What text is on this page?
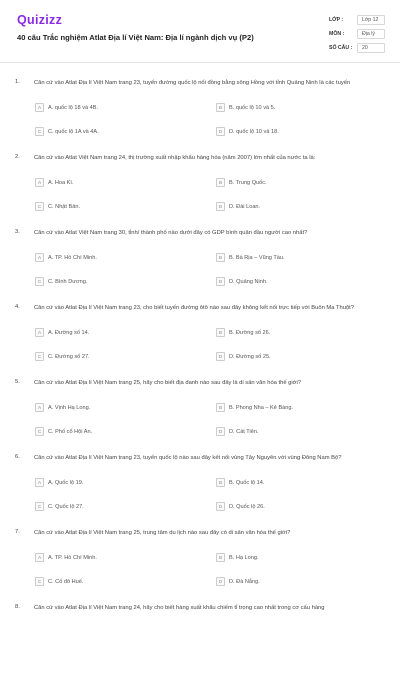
Quizizz
40 câu Trắc nghiệm Atlat Địa lí Việt Nam: Địa lí ngành dịch vụ (P2)
LỚP :	Lớp 12
MÔN :	Địa lý
SỐ CÂU :	20
1. Căn cứ vào Atlat Địa lí Việt Nam trang 23, tuyến đường quốc lộ nối đồng bằng sông Hồng với tỉnh Quảng Ninh là các tuyến
A	A. quốc lộ 18 và 4B.	B	B. quốc lộ 10 và 5.
C	C. quốc lộ 1A và 4A.	D	D. quốc lộ 10 và 18.
2. Căn cứ vào Atlat Việt Nam trang 24, thị trường xuất nhập khẩu hàng hóa (năm 2007) lớn nhất của nước ta là:
A	A. Hoa Kì.	B	B. Trung Quốc.
C	C. Nhật Bản.	D	D. Đài Loan.
3. Căn cứ vào Atlat Việt Nam trang 30, tỉnh/ thành phố nào dưới đây có GDP bình quân đầu người cao nhất?
A	A. TP. Hồ Chí Minh.	B	B. Bà Rịa – Vũng Tàu.
C	C. Bình Dương.	D	D. Quảng Ninh.
4. Căn cứ vào Atlat Địa lí Việt Nam trang 23, cho biết tuyến đường ôtô nào sau đây không kết nối trực tiếp với Buôn Ma Thuột?
A	A. Đường số 14.	B	B. Đường số 26.
C	C. Đường số 27.	D	D. Đường số 25.
5. Căn cứ vào Atlat Địa lí Việt Nam trang 25, hãy cho biết địa danh nào sau đây là di sản văn hóa thế giới?
A	A. Vịnh Hạ Long.	B	B. Phong Nha – Kẻ Bàng.
C	C. Phố cổ Hội An.	D	D. Cát Tiên.
6. Căn cứ vào Atlat Địa lí Việt Nam trang 23, tuyến quốc lộ nào sau đây kết nối vùng Tây Nguyên với vùng Đông Nam Bộ?
A	A. Quốc lộ 19.	B	B. Quốc lộ 14.
C	C. Quốc lộ 27.	D	D. Quốc lộ 26.
7. Căn cứ vào Atlat Địa lí Việt Nam trang 25, trung tâm du lịch nào sau đây có di sản văn hóa thế giới?
A	A. TP. Hồ Chí Minh.	B	B. Hạ Long.
C	C. Cố đô Huế.	D	D. Đà Nẵng.
8. Căn cứ vào Atlat Địa lí Việt Nam trang 24, hãy cho biết hàng xuất khẩu chiếm tỉ trọng cao nhất trong cơ cấu hàng
